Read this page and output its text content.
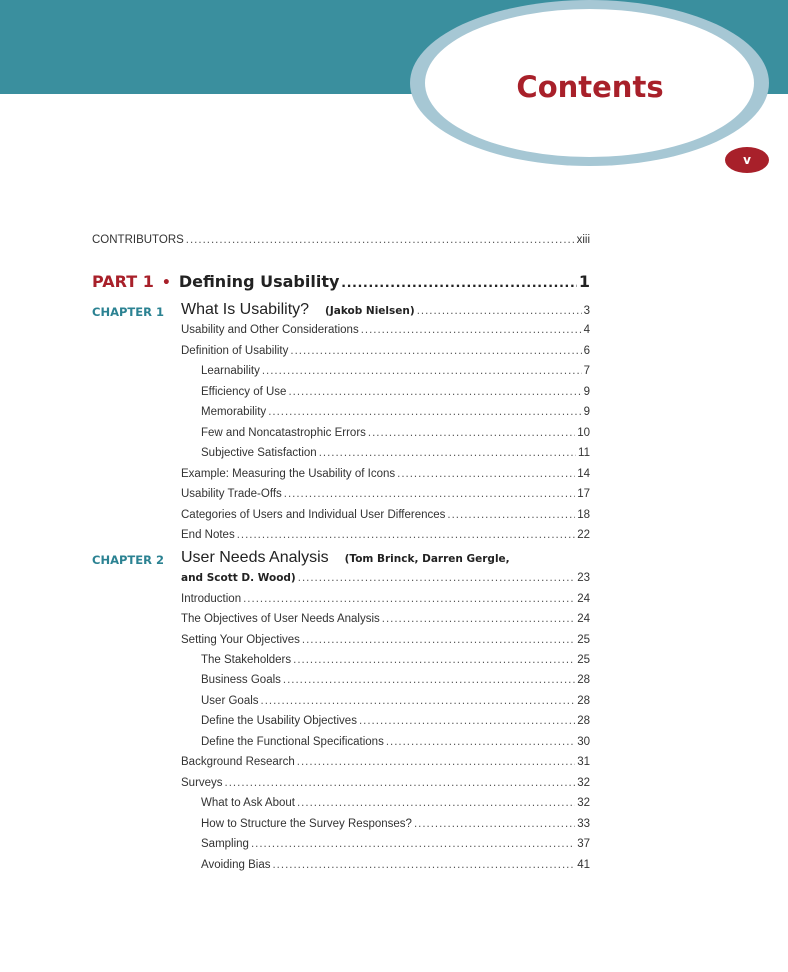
Contents
v
CONTRIBUTORS .....	xiii
PART 1 • Defining Usability .....	1
CHAPTER 1 What Is Usability? (Jakob Nielsen) .....	3
Usability and Other Considerations .....	4
Definition of Usability .....	6
Learnability .....	7
Efficiency of Use .....	9
Memorability .....	9
Few and Noncatastrophic Errors .....	10
Subjective Satisfaction .....	11
Example: Measuring the Usability of Icons .....	14
Usability Trade-Offs .....	17
Categories of Users and Individual User Differences .....	18
End Notes .....	22
CHAPTER 2 User Needs Analysis (Tom Brinck, Darren Gergle,
and Scott D. Wood) .....	23
Introduction .....	24
The Objectives of User Needs Analysis .....	24
Setting Your Objectives .....	25
The Stakeholders .....	25
Business Goals .....	28
User Goals .....	28
Define the Usability Objectives .....	28
Define the Functional Specifications .....	30
Background Research .....	31
Surveys .....	32
What to Ask About .....	32
How to Structure the Survey Responses? .....	33
Sampling .....	37
Avoiding Bias .....	41
